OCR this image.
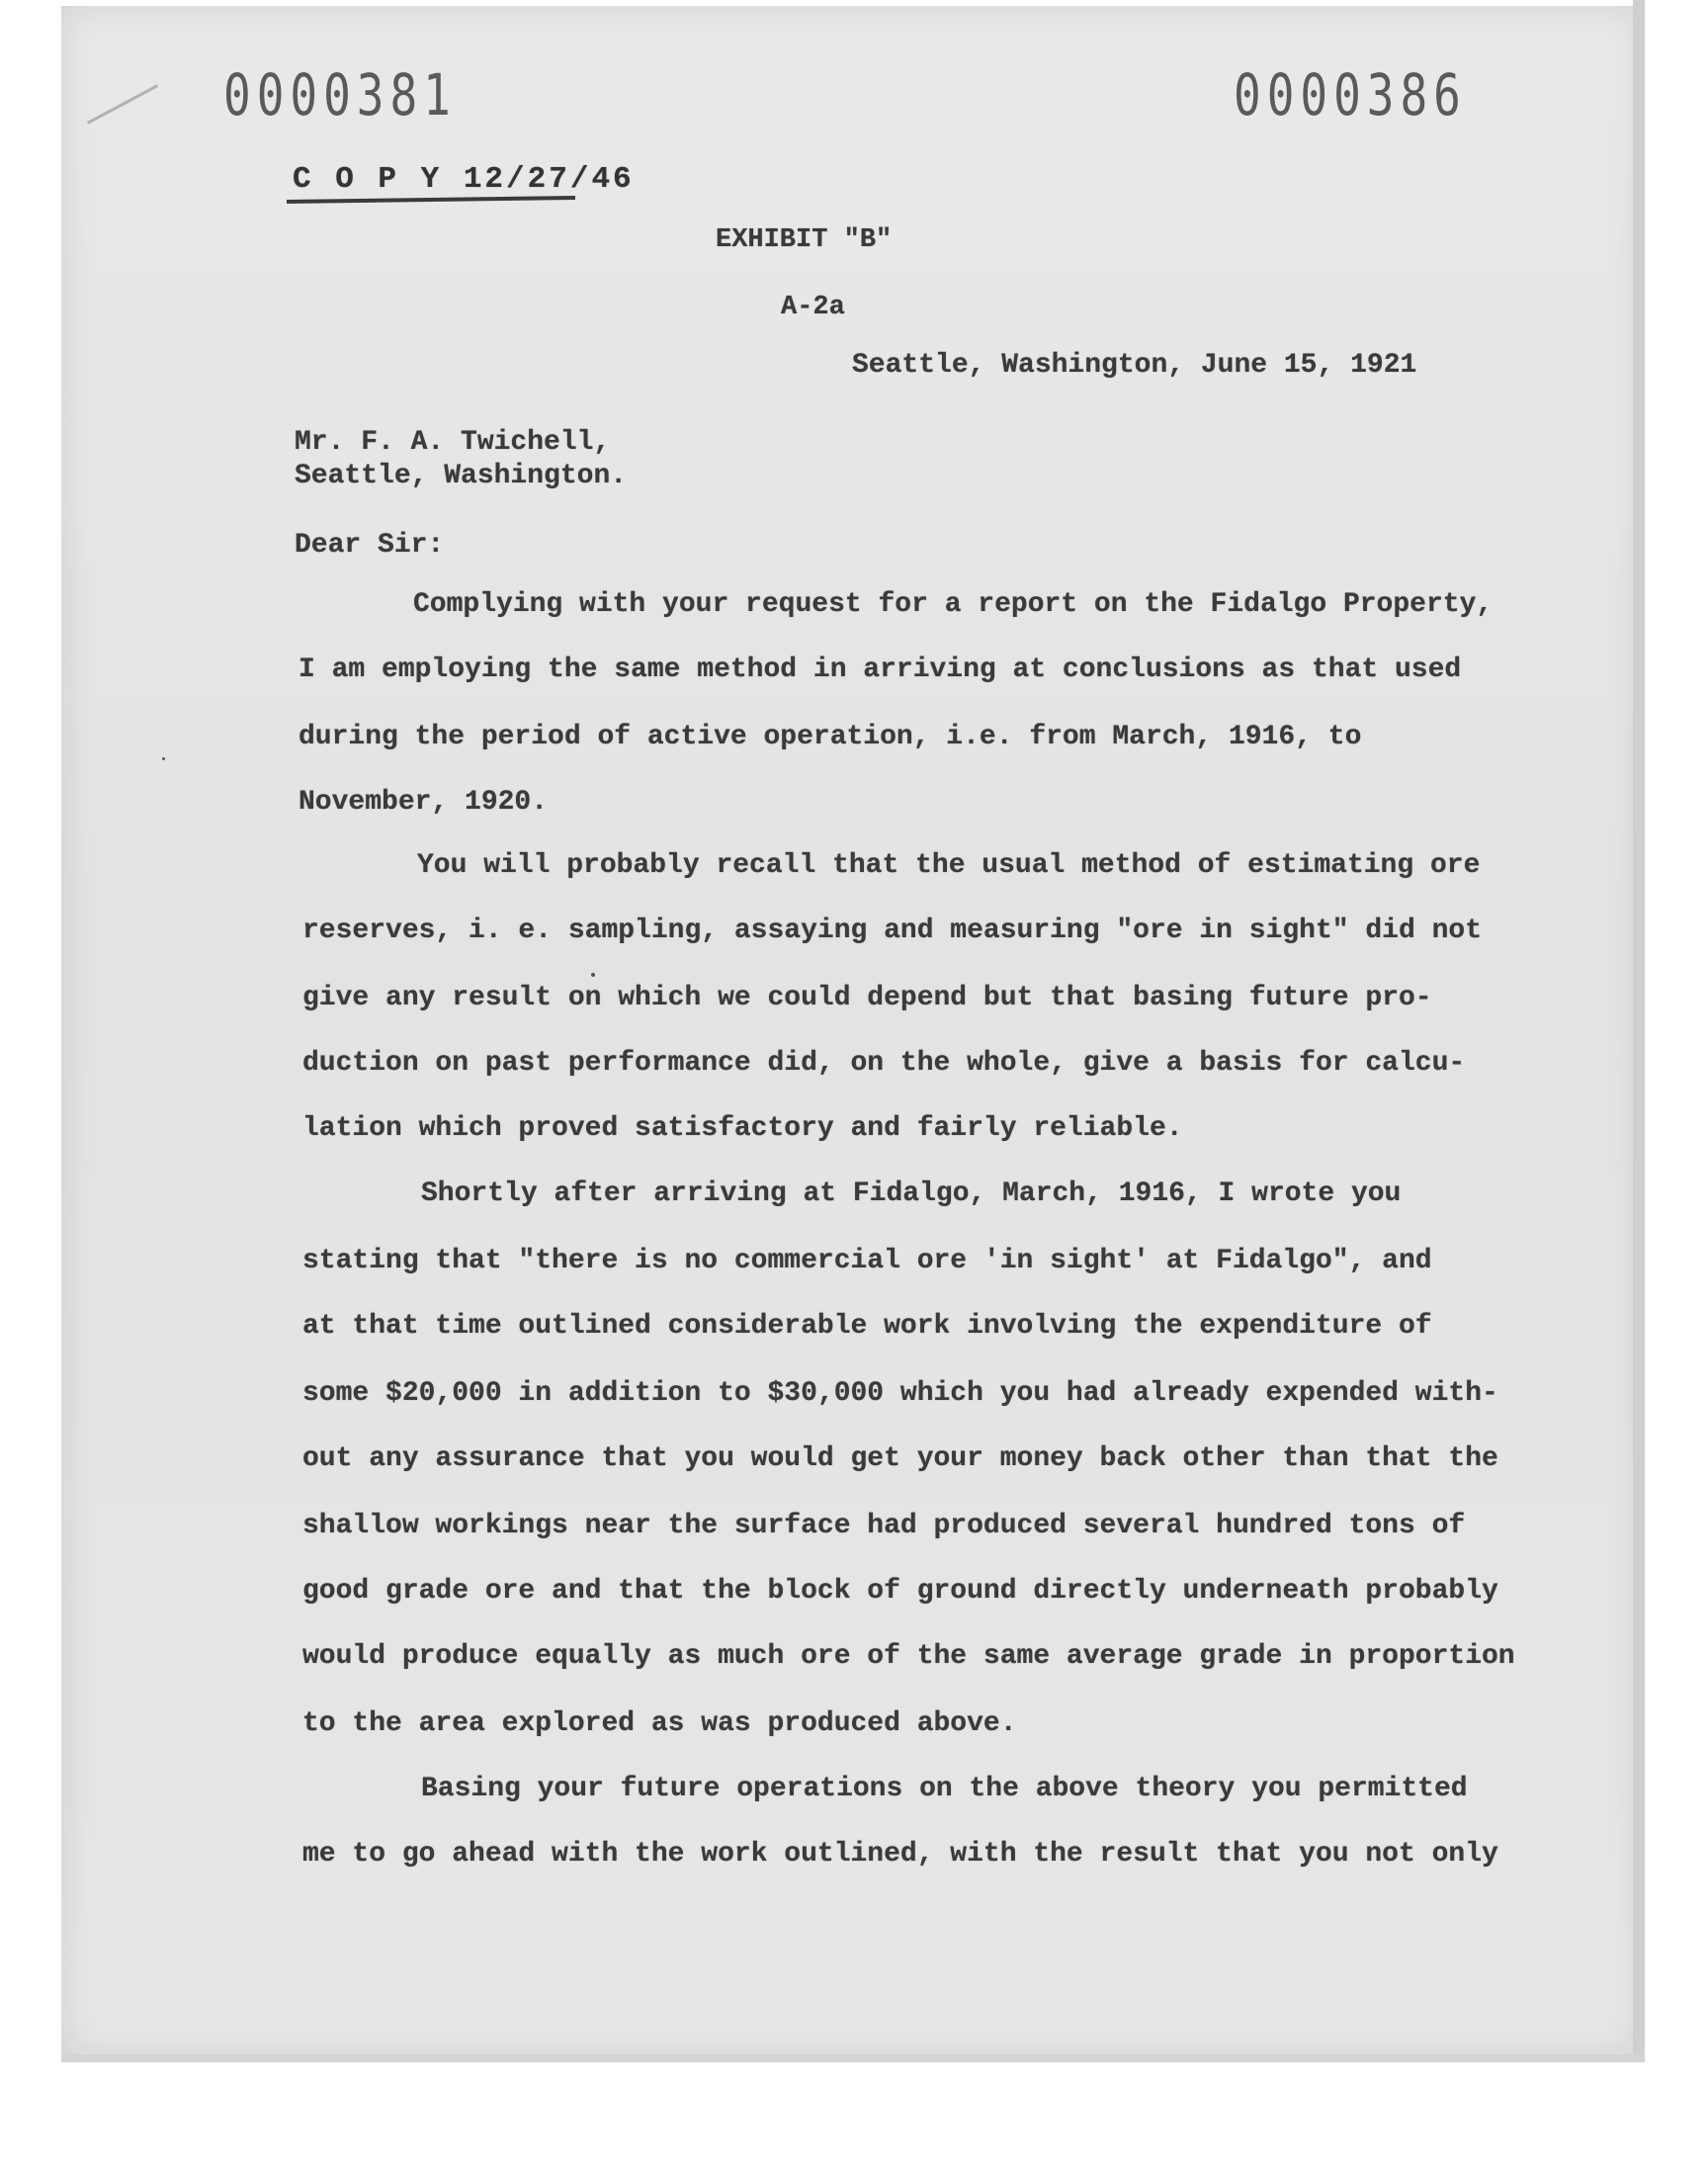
0000381	0000386
C O P Y 12/27/46
EXHIBIT "B"
A-2a
Seattle, Washington, June 15, 1921
Mr. F. A. Twichell,
Seattle, Washington.
Dear Sir:
Complying with your request for a report on the Fidalgo Property,
I am employing the same method in arriving at conclusions as that used
during the period of active operation, i.e. from March, 1916, to
November, 1920.
You will probably recall that the usual method of estimating ore
reserves, i. e. sampling, assaying and measuring "ore in sight" did not
give any result on which we could depend but that basing future pro-
duction on past performance did, on the whole, give a basis for calcu-
lation which proved satisfactory and fairly reliable.
Shortly after arriving at Fidalgo, March, 1916, I wrote you
stating that "there is no commercial ore 'in sight' at Fidalgo", and
at that time outlined considerable work involving the expenditure of
some $20,000 in addition to $30,000 which you had already expended with-
out any assurance that you would get your money back other than that the
shallow workings near the surface had produced several hundred tons of
good grade ore and that the block of ground directly underneath probably
would produce equally as much ore of the same average grade in proportion
to the area explored as was produced above.
Basing your future operations on the above theory you permitted
me to go ahead with the work outlined, with the result that you not only
